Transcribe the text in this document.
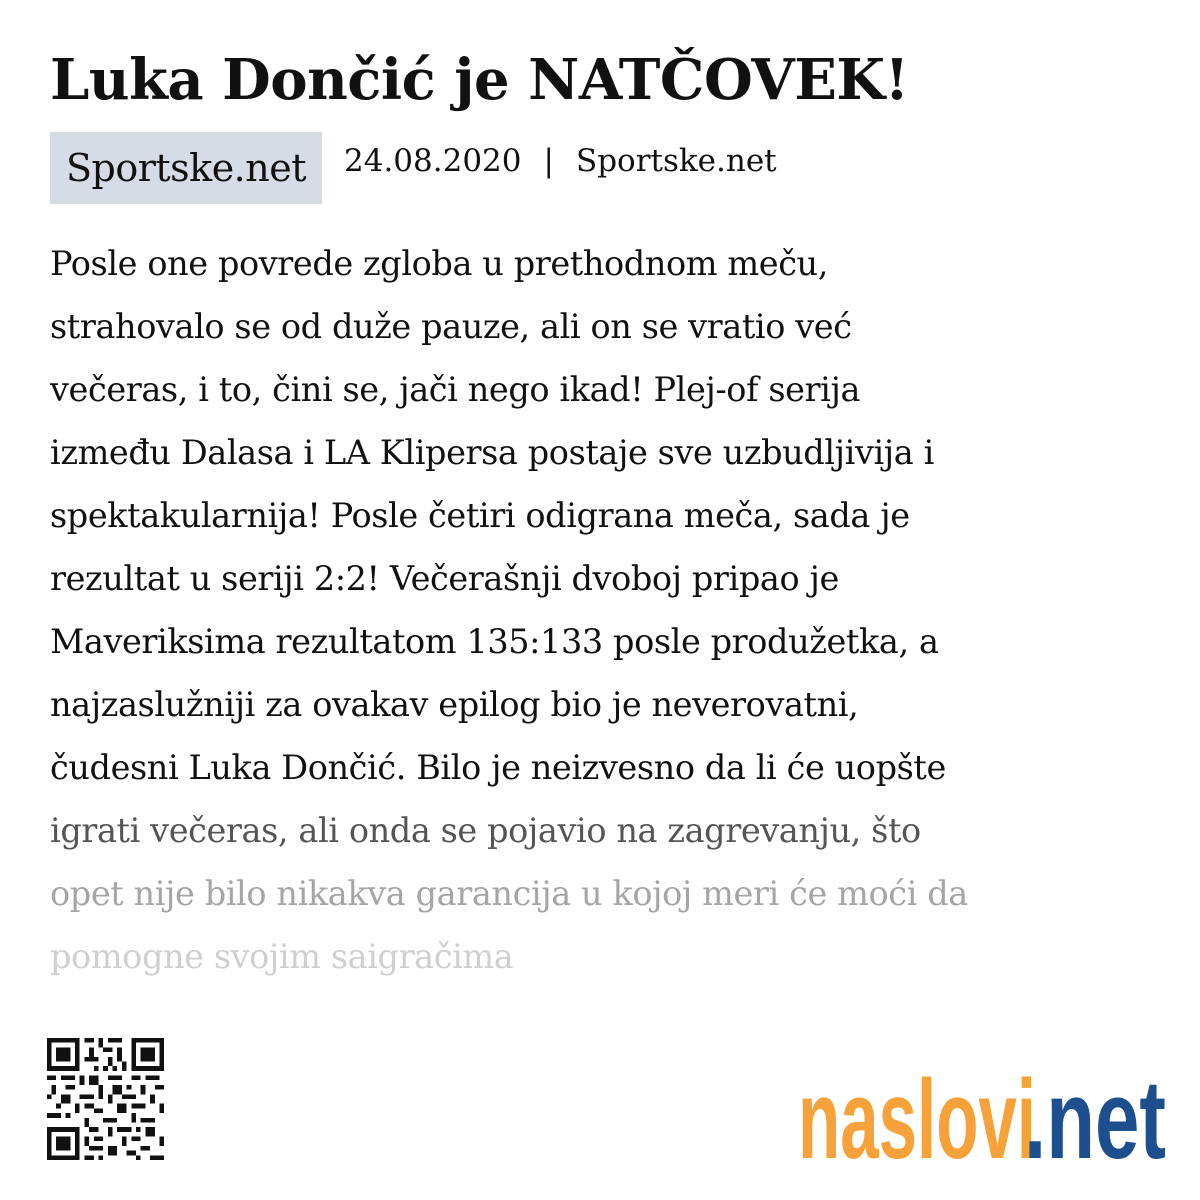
Luka Dončić je NATČOVEK!
Sportske.net	24.08.2020 | Sportske.net
Posle one povrede zgloba u prethodnom meču,
strahovalo se od duže pauze, ali on se vratio već
večeras, i to, čini se, jači nego ikad! Plej-of serija
između Dalasa i LA Klipersa postaje sve uzbudljivija i
spektakularnija! Posle četiri odigrana meča, sada je
rezultat u seriji 2:2! Večerašnji dvoboj pripao je
Maveriksima rezultatom 135:133 posle produžetka, a
najzaslužniji za ovakav epilog bio je neverovatni,
čudesni Luka Dončić. Bilo je neizvesno da li će uopšte
igrati večeras, ali onda se pojavio na zagrevanju, što
opet nije bilo nikakva garancija u kojoj meri će moći da
pomogne svojim saigračima
naslovi
.net
